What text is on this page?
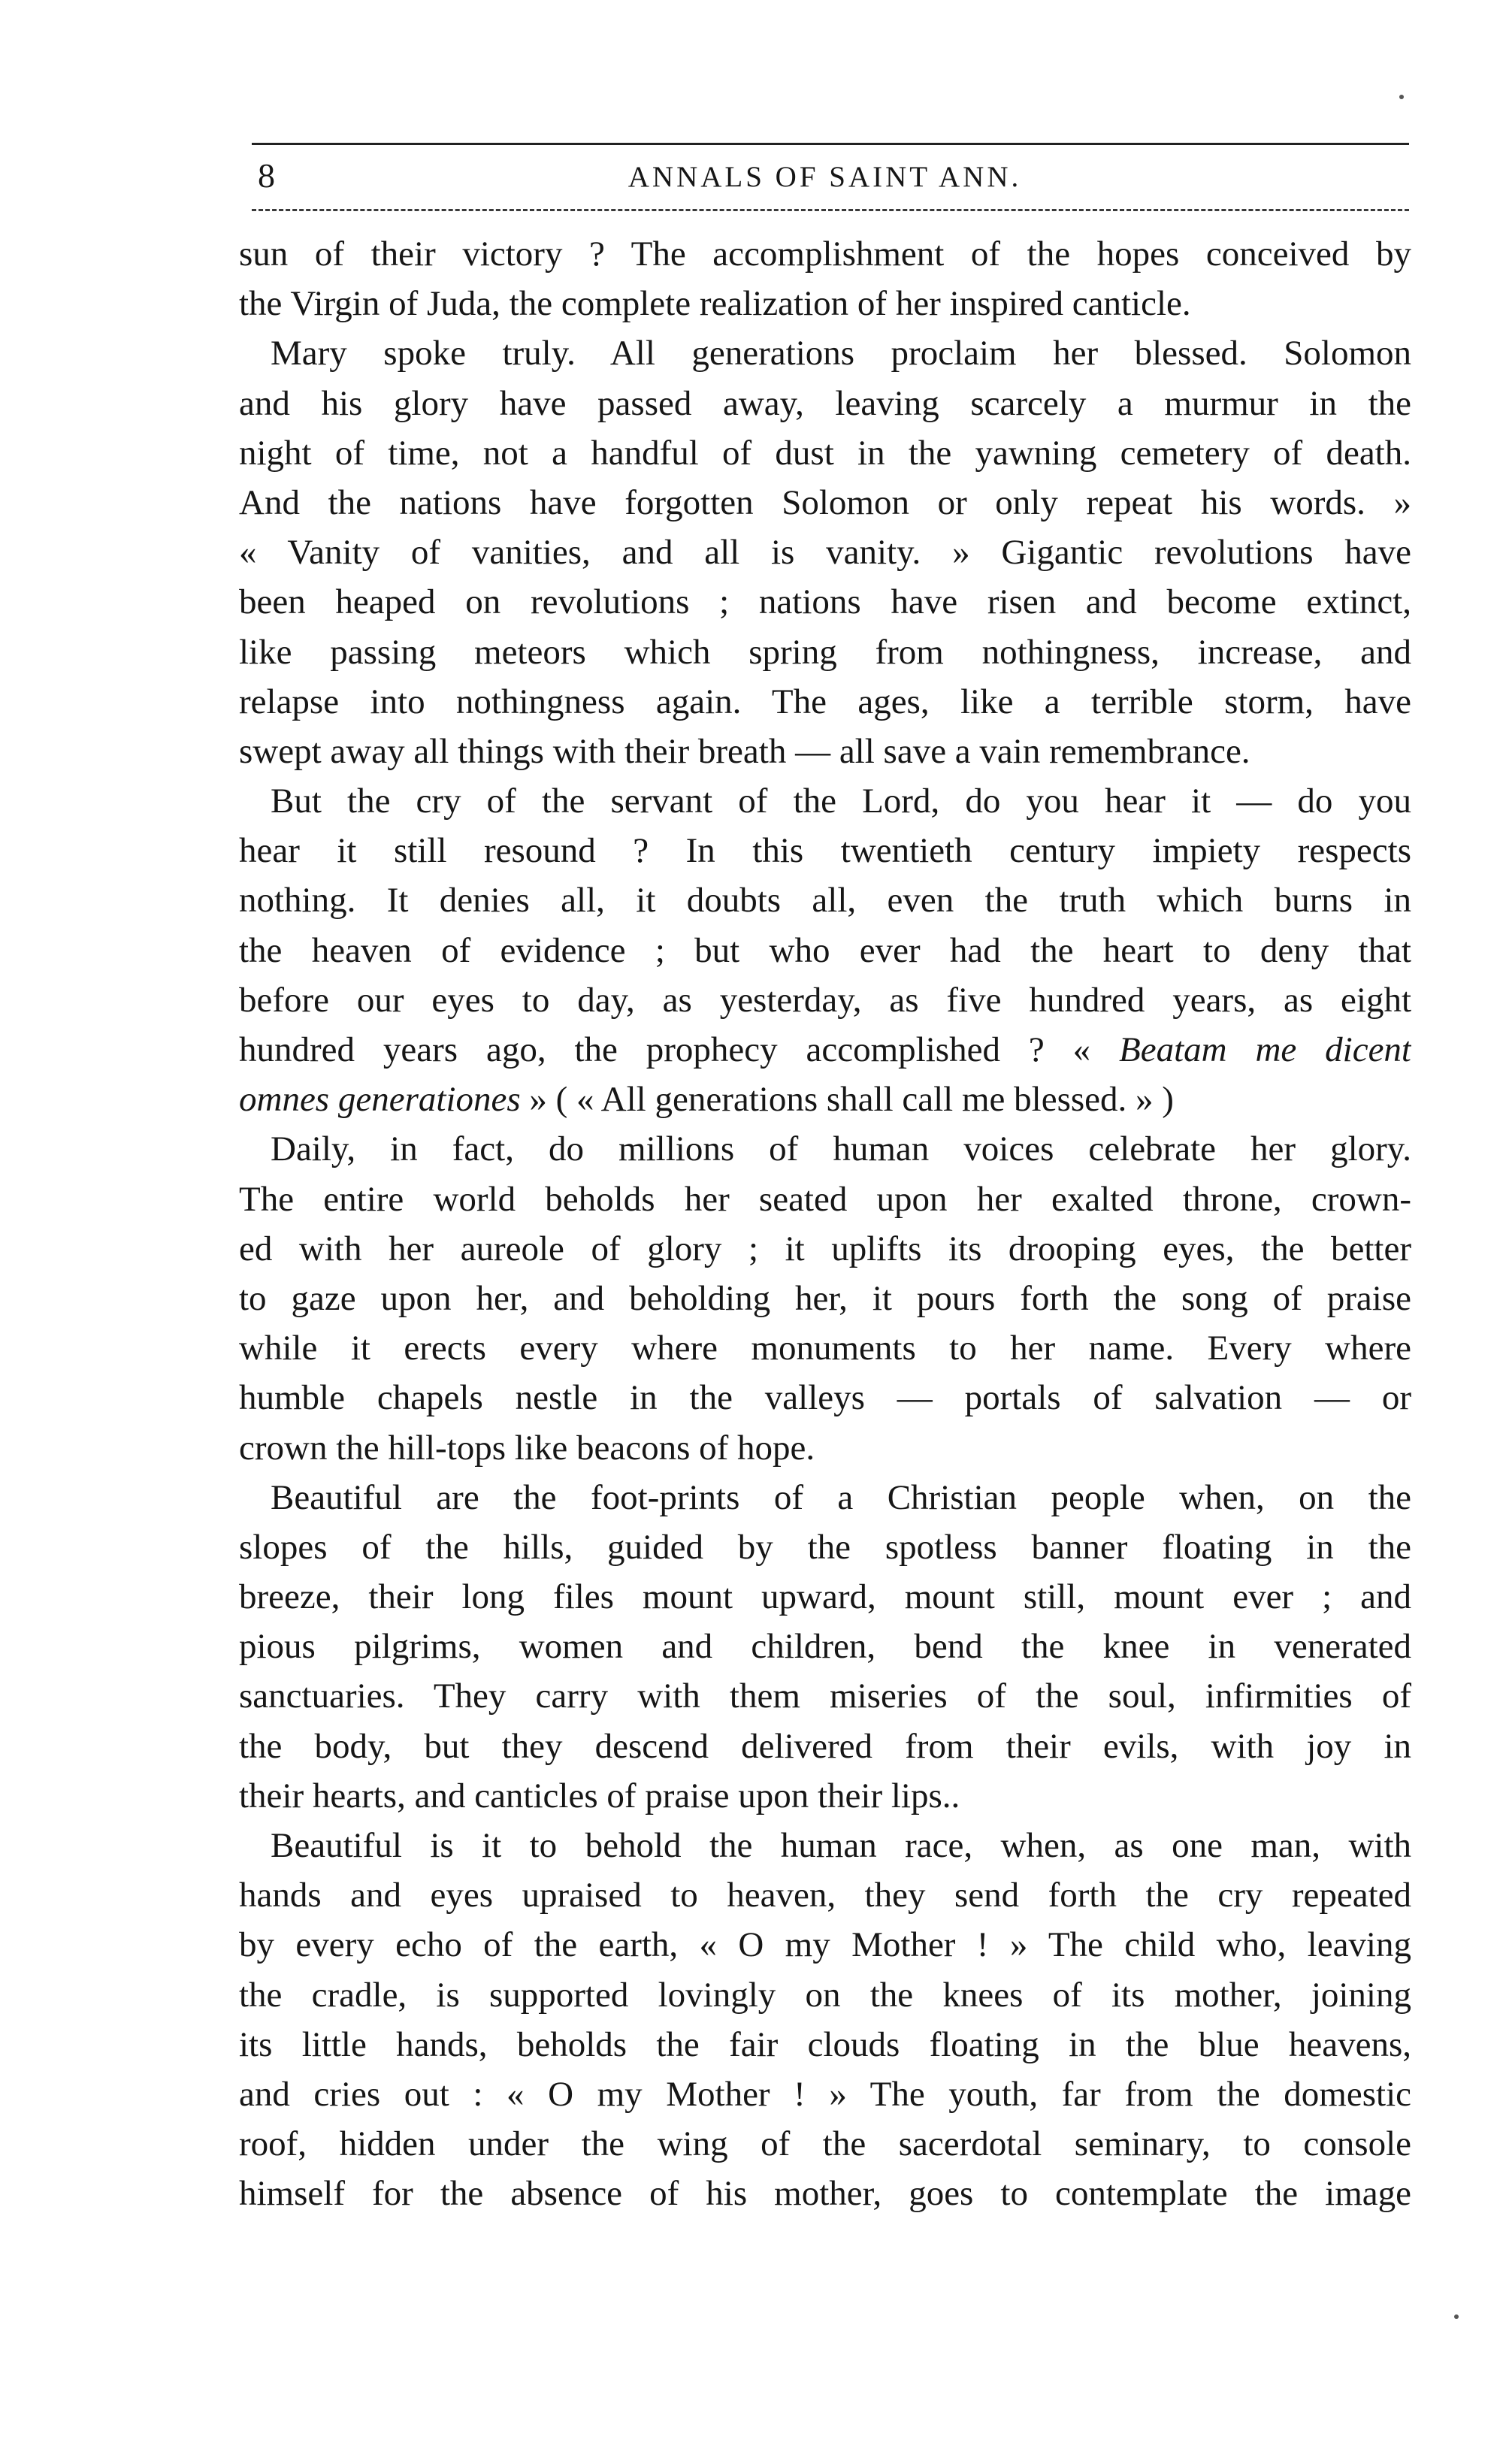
8	ANNALS OF SAINT ANN.
sun of their victory ? The accomplishment of the hopes conceived by
the Virgin of Juda, the complete realization of her inspired canticle.
Mary spoke truly. All generations proclaim her blessed. Solomon
and his glory have passed away, leaving scarcely a murmur in the
night of time, not a handful of dust in the yawning cemetery of death.
And the nations have forgotten Solomon or only repeat his words. »
« Vanity of vanities, and all is vanity. » Gigantic revolutions have
been heaped on revolutions ; nations have risen and become extinct,
like passing meteors which spring from nothingness, increase, and
relapse into nothingness again. The ages, like a terrible storm, have
swept away all things with their breath — all save a vain remembrance.
But the cry of the servant of the Lord, do you hear it — do you
hear it still resound ? In this twentieth century impiety respects
nothing. It denies all, it doubts all, even the truth which burns in
the heaven of evidence ; but who ever had the heart to deny that
before our eyes to day, as yesterday, as five hundred years, as eight
hundred years ago, the prophecy accomplished ? « Beatam me dicent
omnes generationes » ( « All generations shall call me blessed. » )
Daily, in fact, do millions of human voices celebrate her glory.
The entire world beholds her seated upon her exalted throne, crown-
ed with her aureole of glory ; it uplifts its drooping eyes, the better
to gaze upon her, and beholding her, it pours forth the song of praise
while it erects every where monuments to her name. Every where
humble chapels nestle in the valleys — portals of salvation — or
crown the hill-tops like beacons of hope.
Beautiful are the foot-prints of a Christian people when, on the
slopes of the hills, guided by the spotless banner floating in the
breeze, their long files mount upward, mount still, mount ever ; and
pious pilgrims, women and children, bend the knee in venerated
sanctuaries. They carry with them miseries of the soul, infirmities of
the body, but they descend delivered from their evils, with joy in
their hearts, and canticles of praise upon their lips..
Beautiful is it to behold the human race, when, as one man, with
hands and eyes upraised to heaven, they send forth the cry repeated
by every echo of the earth, « O my Mother ! » The child who, leaving
the cradle, is supported lovingly on the knees of its mother, joining
its little hands, beholds the fair clouds floating in the blue heavens,
and cries out : « O my Mother ! » The youth, far from the domestic
roof, hidden under the wing of the sacerdotal seminary, to console
himself for the absence of his mother, goes to contemplate the image
